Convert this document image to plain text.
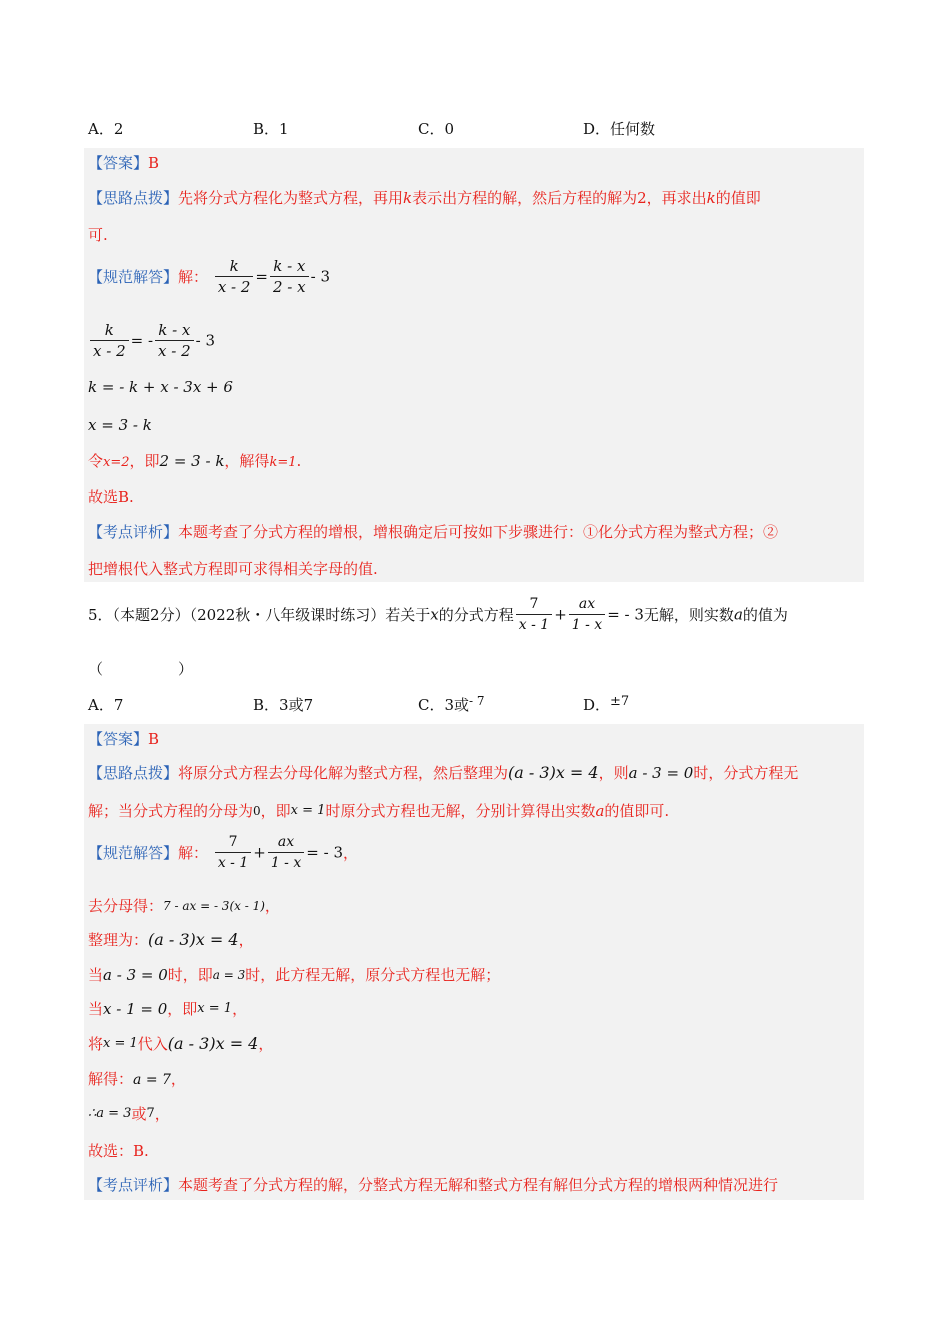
A．2	B．1	C．0	D．任何数
【答案】B
【思路点拨】先将分式方程化为整式方程，再用k表示出方程的解，然后方程的解为2，再求出k的值即
可.
【规范解答】解： $\frac{k}{x - 2} = \frac{k - x}{2 - x} - 3$
$\frac{k}{x - 2}$ = - $\frac{k - x}{x - 2} - 3$
k = - k + x - 3x + 6
x = 3 - k
令x=2，即2 = 3 - k，解得k=1.
故选B.
【考点评析】本题考查了分式方程的增根，增根确定后可按如下步骤进行：①化分式方程为整式方程；②
把增根代入整式方程即可求得相关字母的值.
5．（本题2分）（2022秋・八年级课时练习）若关于x的分式方程 $\frac{7}{x - 1} + \frac{ax}{1 - x}$ = - 3无解，则实数a的值为
（　　　　　）
A．7	B．3或7	C．3或$^{- 7}$	D．±7
【答案】B
【思路点拨】将原分式方程去分母化解为整式方程，然后整理为(a - 3)x = 4，则a - 3 = 0时，分式方程无
解；当分式方程的分母为$^0$，即x = 1时原分式方程也无解，分别计算得出实数a的值即可.
【规范解答】解： $\frac{7}{x - 1} + \frac{ax}{1 - x}$ = - 3，
去分母得：$^{7 - ax = - 3(x - 1)}$，
整理为：(a - 3)x = 4，
当a - 3 = 0时，即$^{a = 3}$时，此方程无解，原分式方程也无解；
当x - 1 = 0，即x = 1，
将x = 1代入(a - 3)x = 4，
解得：a = 7，
∴a = 3或7，
故选：B.
【考点评析】本题考查了分式方程的解，分整式方程无解和整式方程有解但分式方程的增根两种情况进行
